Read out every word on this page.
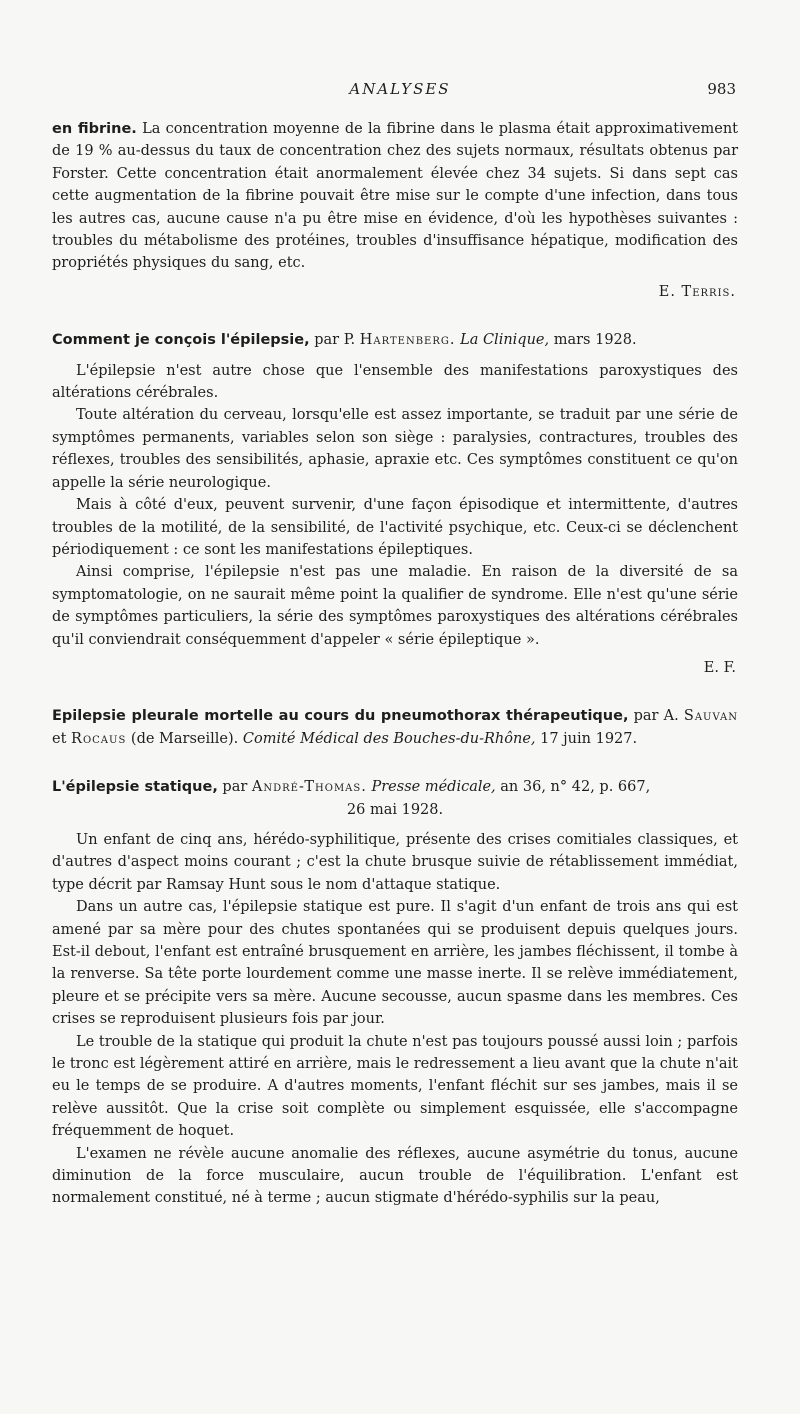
ANALYSES	983

en fibrine. La concentration moyenne de la fibrine dans le plasma était approximativement de 19 % au-dessus du taux de concentration chez des sujets normaux, résultats obtenus par Forster. Cette concentration était anormalement élevée chez 34 sujets. Si dans sept cas cette augmentation de la fibrine pouvait être mise sur le compte d'une infection, dans tous les autres cas, aucune cause n'a pu être mise en évidence, d'où les hypothèses suivantes : troubles du métabolisme des protéines, troubles d'insuffisance hépatique, modification des propriétés physiques du sang, etc.

E. Terris.

Comment je conçois l'épilepsie, par P. Hartenberg. La Clinique, mars 1928.

L'épilepsie n'est autre chose que l'ensemble des manifestations paroxystiques des altérations cérébrales.

Toute altération du cerveau, lorsqu'elle est assez importante, se traduit par une série de symptômes permanents, variables selon son siège : paralysies, contractures, troubles des réflexes, troubles des sensibilités, aphasie, apraxie etc. Ces symptômes constituent ce qu'on appelle la série neurologique.

Mais à côté d'eux, peuvent survenir, d'une façon épisodique et intermittente, d'autres troubles de la motilité, de la sensibilité, de l'activité psychique, etc. Ceux-ci se déclenchent périodiquement : ce sont les manifestations épileptiques.

Ainsi comprise, l'épilepsie n'est pas une maladie. En raison de la diversité de sa symptomatologie, on ne saurait même point la qualifier de syndrome. Elle n'est qu'une série de symptômes particuliers, la série des symptômes paroxystiques des altérations cérébrales qu'il conviendrait conséquemment d'appeler « série épileptique ».

E. F.

Epilepsie pleurale mortelle au cours du pneumothorax thérapeutique, par A. Sauvan et Rocaus (de Marseille). Comité Médical des Bouches-du-Rhône, 17 juin 1927.

L'épilepsie statique, par André-Thomas. Presse médicale, an 36, n° 42, p. 667,

26 mai 1928.

Un enfant de cinq ans, hérédo-syphilitique, présente des crises comitiales classiques, et d'autres d'aspect moins courant ; c'est la chute brusque suivie de rétablissement immédiat, type décrit par Ramsay Hunt sous le nom d'attaque statique.

Dans un autre cas, l'épilepsie statique est pure. Il s'agit d'un enfant de trois ans qui est amené par sa mère pour des chutes spontanées qui se produisent depuis quelques jours. Est-il debout, l'enfant est entraîné brusquement en arrière, les jambes fléchissent, il tombe à la renverse. Sa tête porte lourdement comme une masse inerte. Il se relève immédiatement, pleure et se précipite vers sa mère. Aucune secousse, aucun spasme dans les membres. Ces crises se reproduisent plusieurs fois par jour.

Le trouble de la statique qui produit la chute n'est pas toujours poussé aussi loin ; parfois le tronc est légèrement attiré en arrière, mais le redressement a lieu avant que la chute n'ait eu le temps de se produire. A d'autres moments, l'enfant fléchit sur ses jambes, mais il se relève aussitôt. Que la crise soit complète ou simplement esquissée, elle s'accompagne fréquemment de hoquet.

L'examen ne révèle aucune anomalie des réflexes, aucune asymétrie du tonus, aucune diminution de la force musculaire, aucun trouble de l'équilibration. L'enfant est normalement constitué, né à terme ; aucun stigmate d'hérédo-syphilis sur la peau,
